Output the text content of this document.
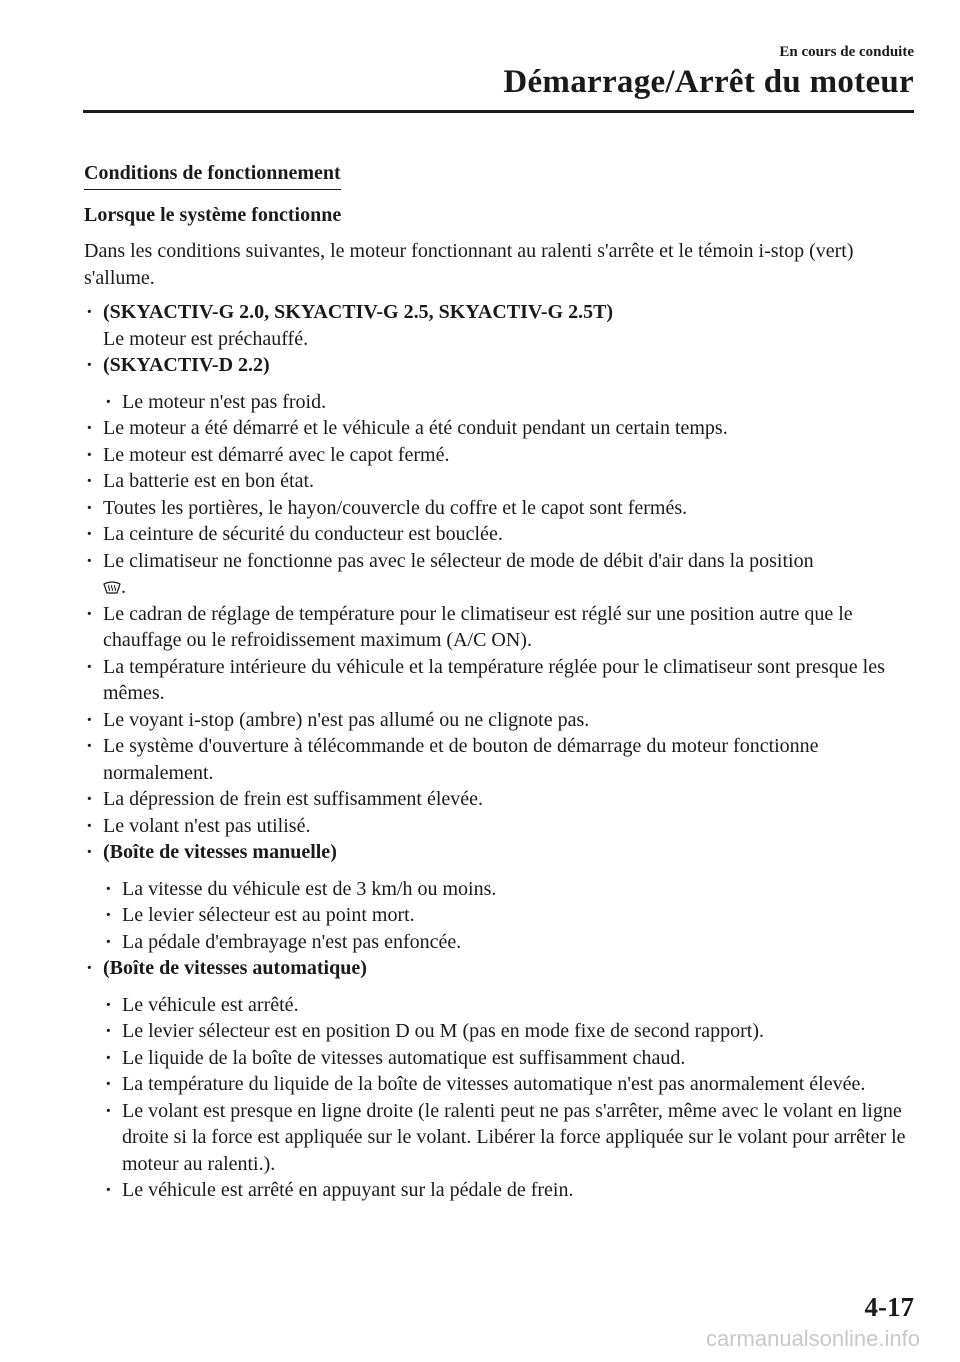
En cours de conduite
Démarrage/Arrêt du moteur
Conditions de fonctionnement
Lorsque le système fonctionne
Dans les conditions suivantes, le moteur fonctionnant au ralenti s'arrête et le témoin i-stop (vert) s'allume.
· (SKYACTIV-G 2.0, SKYACTIV-G 2.5, SKYACTIV-G 2.5T)
Le moteur est préchauffé.
· (SKYACTIV-D 2.2)
· Le moteur n'est pas froid.
· Le moteur a été démarré et le véhicule a été conduit pendant un certain temps.
· Le moteur est démarré avec le capot fermé.
· La batterie est en bon état.
· Toutes les portières, le hayon/couvercle du coffre et le capot sont fermés.
· La ceinture de sécurité du conducteur est bouclée.
· Le climatiseur ne fonctionne pas avec le sélecteur de mode de débit d'air dans la position
.
· Le cadran de réglage de température pour le climatiseur est réglé sur une position autre que le chauffage ou le refroidissement maximum (A/C ON).
· La température intérieure du véhicule et la température réglée pour le climatiseur sont presque les mêmes.
· Le voyant i-stop (ambre) n'est pas allumé ou ne clignote pas.
· Le système d'ouverture à télécommande et de bouton de démarrage du moteur fonctionne normalement.
· La dépression de frein est suffisamment élevée.
· Le volant n'est pas utilisé.
· (Boîte de vitesses manuelle)
· La vitesse du véhicule est de 3 km/h ou moins.
· Le levier sélecteur est au point mort.
· La pédale d'embrayage n'est pas enfoncée.
· (Boîte de vitesses automatique)
· Le véhicule est arrêté.
· Le levier sélecteur est en position D ou M (pas en mode fixe de second rapport).
· Le liquide de la boîte de vitesses automatique est suffisamment chaud.
· La température du liquide de la boîte de vitesses automatique n'est pas anormalement élevée.
· Le volant est presque en ligne droite (le ralenti peut ne pas s'arrêter, même avec le volant en ligne droite si la force est appliquée sur le volant. Libérer la force appliquée sur le volant pour arrêter le moteur au ralenti.).
· Le véhicule est arrêté en appuyant sur la pédale de frein.
4-17
carmanualsonline.info
